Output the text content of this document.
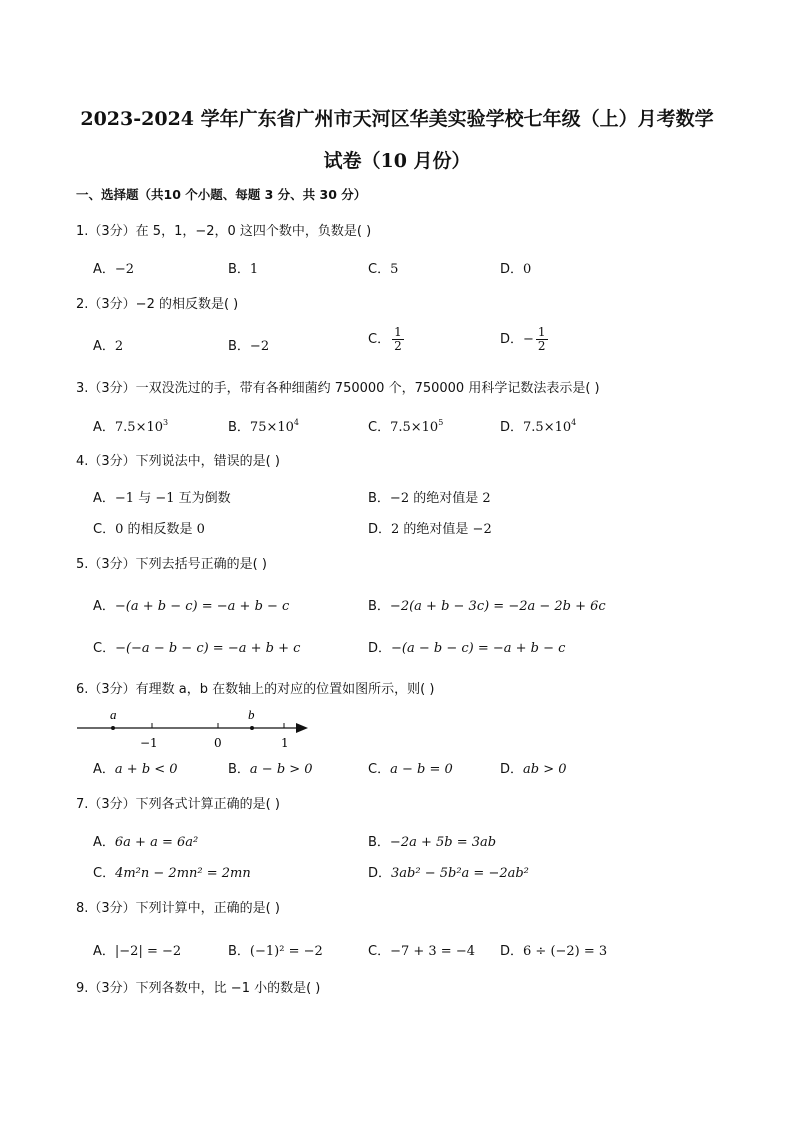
2023-2024 学年广东省广州市天河区华美实验学校七年级（上）月考数学
试卷（10 月份）
一、选择题（共10 个小题、每题 3 分、共 30 分）
1.（3分）在 5，1，−2，0 这四个数中，负数是( )
A．−2	B．1	C．5	D．0
2.（3分）−2 的相反数是( )
A．2	B．−2	C． $\frac{1}{2}$	D．− $\frac{1}{2}$
3.（3分）一双没洗过的手，带有各种细菌约 750000 个，750000 用科学记数法表示是( )
A．$7.5\times 10^3$	B．$75\times 10^4$	C．$7.5\times 10^5$	D．$7.5\times 10^4$
4.（3分）下列说法中，错误的是( )
A．−1 与 −1 互为倒数	B．−2 的绝对值是 2
C．0 的相反数是 0	D．2 的绝对值是 −2
5.（3分）下列去括号正确的是( )
A．−(a + b − c) = −a + b − c	B．−2(a + b − 3c) = −2a − 2b + 6c
C．−(−a − b − c) = −a + b + c	D．−(a − b − c) = −a + b − c
6.（3分）有理数 a，b 在数轴上的对应的位置如图所示，则( )
a	b
−1	0	1
A．a + b < 0	B．a − b > 0	C．a − b = 0	D．ab > 0
7.（3分）下列各式计算正确的是( )
A．6a + a = 6a²	B．−2a + 5b = 3ab
C．4m²n − 2mn² = 2mn	D．3ab² − 5b²a = −2ab²
8.（3分）下列计算中，正确的是( )
A．|−2| = −2	B．(−1)² = −2	C．−7 + 3 = −4 D．6 ÷ (−2) = 3
9.（3分）下列各数中，比 −1 小的数是( )
